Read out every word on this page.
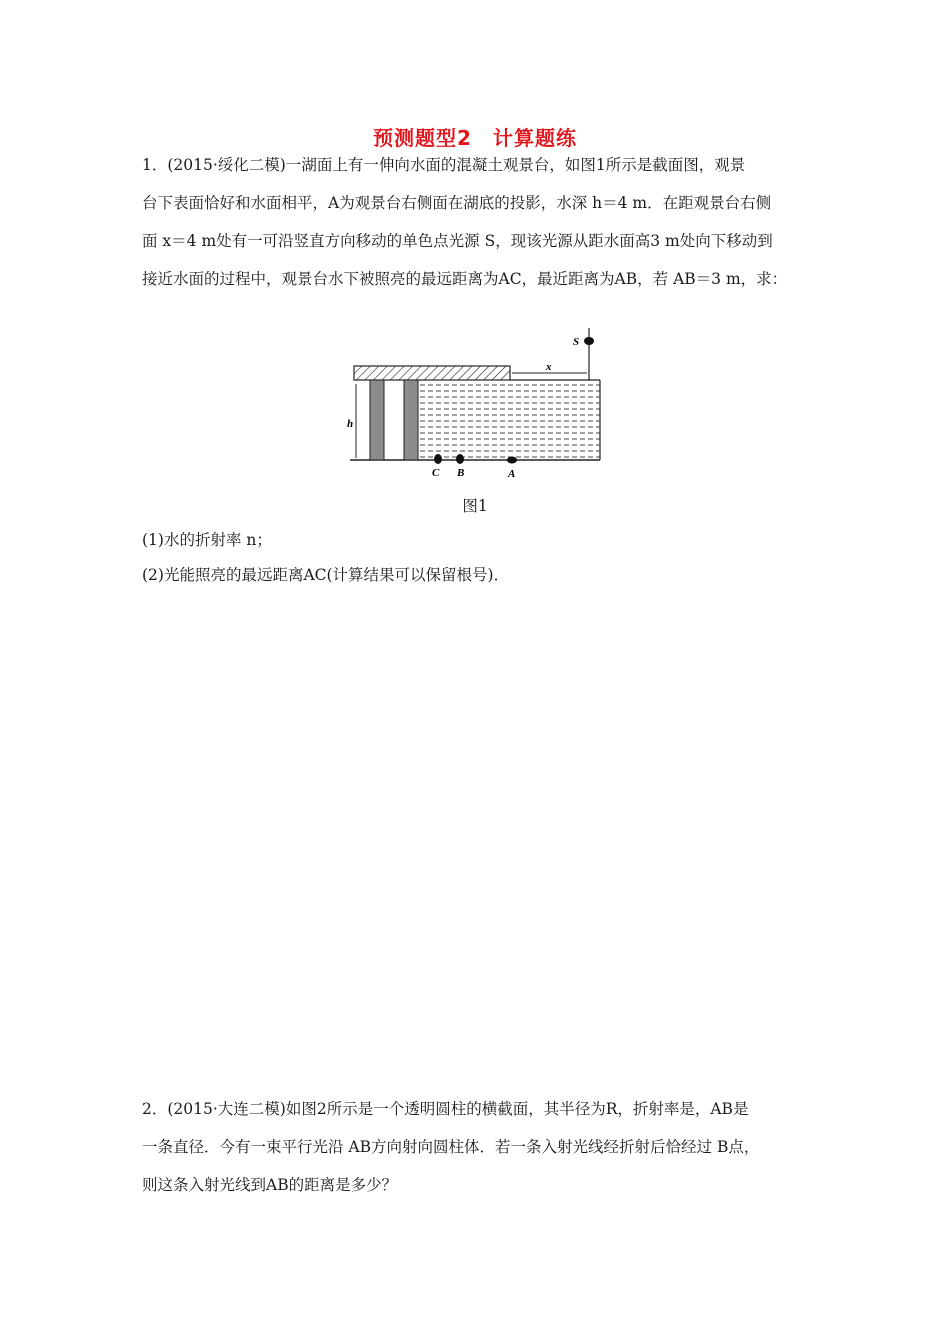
预测题型2　计算题练
1．(2015·绥化二模)一湖面上有一伸向水面的混凝土观景台，如图1所示是截面图，观景
台下表面恰好和水面相平，A为观景台右侧面在湖底的投影，水深 h＝4 m．在距观景台右侧
面 x＝4 m处有一可沿竖直方向移动的单色点光源 S，现该光源从距水面高3 m处向下移动到
接近水面的过程中，观景台水下被照亮的最远距离为AC，最近距离为AB，若 AB＝3 m，求：
h
S
x
C B	A
图1
(1)水的折射率 n；
(2)光能照亮的最远距离AC(计算结果可以保留根号)．
2．(2015·大连二模)如图2所示是一个透明圆柱的横截面，其半径为R，折射率是，AB是
一条直径．今有一束平行光沿 AB方向射向圆柱体．若一条入射光线经折射后恰经过 B点，
则这条入射光线到AB的距离是多少？
